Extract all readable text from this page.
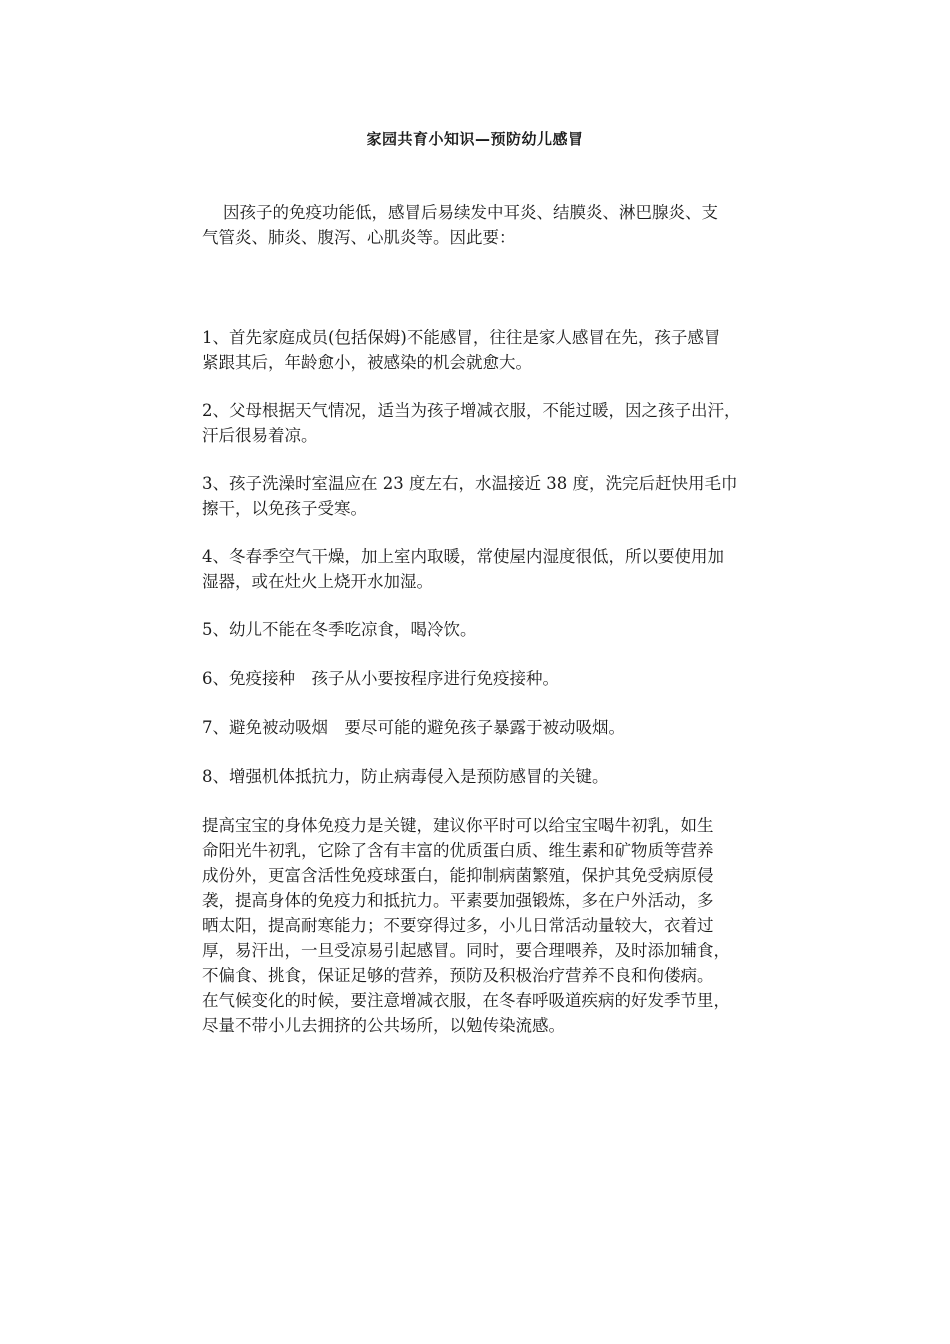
家园共育小知识—预防幼儿感冒

因孩子的免疫功能低，感冒后易续发中耳炎、结膜炎、淋巴腺炎、支
气管炎、肺炎、腹泻、心肌炎等。因此要：

1、首先家庭成员(包括保姆)不能感冒，往往是家人感冒在先，孩子感冒
紧跟其后，年龄愈小，被感染的机会就愈大。

2、父母根据天气情况，适当为孩子增减衣服，不能过暖，因之孩子出汗，
汗后很易着凉。

3、孩子洗澡时室温应在 23 度左右，水温接近 38 度，洗完后赶快用毛巾
擦干，以免孩子受寒。

4、冬春季空气干燥，加上室内取暖，常使屋内湿度很低，所以要使用加
湿器，或在灶火上烧开水加湿。

5、幼儿不能在冬季吃凉食，喝冷饮。

6、免疫接种　孩子从小要按程序进行免疫接种。

7、避免被动吸烟　要尽可能的避免孩子暴露于被动吸烟。

8、增强机体抵抗力，防止病毒侵入是预防感冒的关键。

提高宝宝的身体免疫力是关键，建议你平时可以给宝宝喝牛初乳，如生
命阳光牛初乳，它除了含有丰富的优质蛋白质、维生素和矿物质等营养
成份外，更富含活性免疫球蛋白，能抑制病菌繁殖，保护其免受病原侵
袭，提高身体的免疫力和抵抗力。平素要加强锻炼，多在户外活动，多
晒太阳，提高耐寒能力；不要穿得过多，小儿日常活动量较大，衣着过
厚，易汗出，一旦受凉易引起感冒。同时，要合理喂养，及时添加辅食，
不偏食、挑食，保证足够的营养，预防及积极治疗营养不良和佝偻病。
在气候变化的时候，要注意增减衣服，在冬春呼吸道疾病的好发季节里，
尽量不带小儿去拥挤的公共场所，以勉传染流感。
